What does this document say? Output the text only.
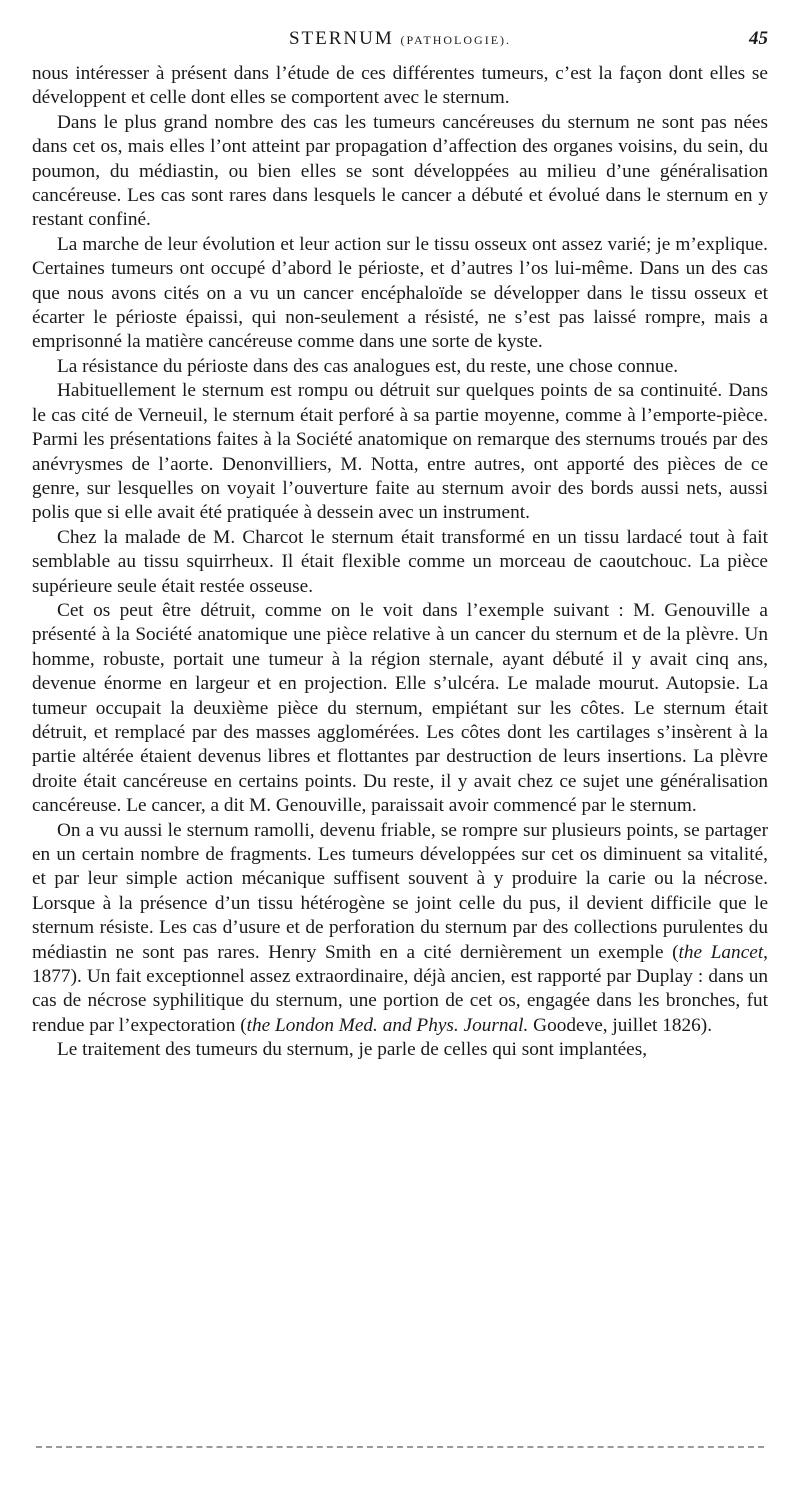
STERNUM (PATHOLOGIE).	45

nous intéresser à présent dans l’étude de ces différentes tumeurs, c’est la façon dont elles se développent et celle dont elles se comportent avec le sternum.

Dans le plus grand nombre des cas les tumeurs cancéreuses du sternum ne sont pas nées dans cet os, mais elles l’ont atteint par propagation d’affection des organes voisins, du sein, du poumon, du médiastin, ou bien elles se sont développées au milieu d’une généralisation cancéreuse. Les cas sont rares dans lesquels le cancer a débuté et évolué dans le sternum en y restant confiné.

La marche de leur évolution et leur action sur le tissu osseux ont assez varié; je m’explique. Certaines tumeurs ont occupé d’abord le périoste, et d’autres l’os lui-même. Dans un des cas que nous avons cités on a vu un cancer encéphaloïde se développer dans le tissu osseux et écarter le périoste épaissi, qui non-seulement a résisté, ne s’est pas laissé rompre, mais a emprisonné la matière cancéreuse comme dans une sorte de kyste.

La résistance du périoste dans des cas analogues est, du reste, une chose connue.

Habituellement le sternum est rompu ou détruit sur quelques points de sa continuité. Dans le cas cité de Verneuil, le sternum était perforé à sa partie moyenne, comme à l’emporte-pièce. Parmi les présentations faites à la Société anatomique on remarque des sternums troués par des anévrysmes de l’aorte. Denonvilliers, M. Notta, entre autres, ont apporté des pièces de ce genre, sur lesquelles on voyait l’ouverture faite au sternum avoir des bords aussi nets, aussi polis que si elle avait été pratiquée à dessein avec un instrument.

Chez la malade de M. Charcot le sternum était transformé en un tissu lardacé tout à fait semblable au tissu squirrheux. Il était flexible comme un morceau de caoutchouc. La pièce supérieure seule était restée osseuse.

Cet os peut être détruit, comme on le voit dans l’exemple suivant : M. Genouville a présenté à la Société anatomique une pièce relative à un cancer du sternum et de la plèvre. Un homme, robuste, portait une tumeur à la région sternale, ayant débuté il y avait cinq ans, devenue énorme en largeur et en projection. Elle s’ulcéra. Le malade mourut. Autopsie. La tumeur occupait la deuxième pièce du sternum, empiétant sur les côtes. Le sternum était détruit, et remplacé par des masses agglomérées. Les côtes dont les cartilages s’insèrent à la partie altérée étaient devenus libres et flottantes par destruction de leurs insertions. La plèvre droite était cancéreuse en certains points. Du reste, il y avait chez ce sujet une généralisation cancéreuse. Le cancer, a dit M. Genouville, paraissait avoir commencé par le sternum.

On a vu aussi le sternum ramolli, devenu friable, se rompre sur plusieurs points, se partager en un certain nombre de fragments. Les tumeurs développées sur cet os diminuent sa vitalité, et par leur simple action mécanique suffisent souvent à y produire la carie ou la nécrose. Lorsque à la présence d’un tissu hétérogène se joint celle du pus, il devient difficile que le sternum résiste. Les cas d’usure et de perforation du sternum par des collections purulentes du médiastin ne sont pas rares. Henry Smith en a cité dernièrement un exemple (the Lancet, 1877). Un fait exceptionnel assez extraordinaire, déjà ancien, est rapporté par Duplay : dans un cas de nécrose syphilitique du sternum, une portion de cet os, engagée dans les bronches, fut rendue par l’expectoration (the London Med. and Phys. Journal. Goodeve, juillet 1826).

Le traitement des tumeurs du sternum, je parle de celles qui sont implantées,
